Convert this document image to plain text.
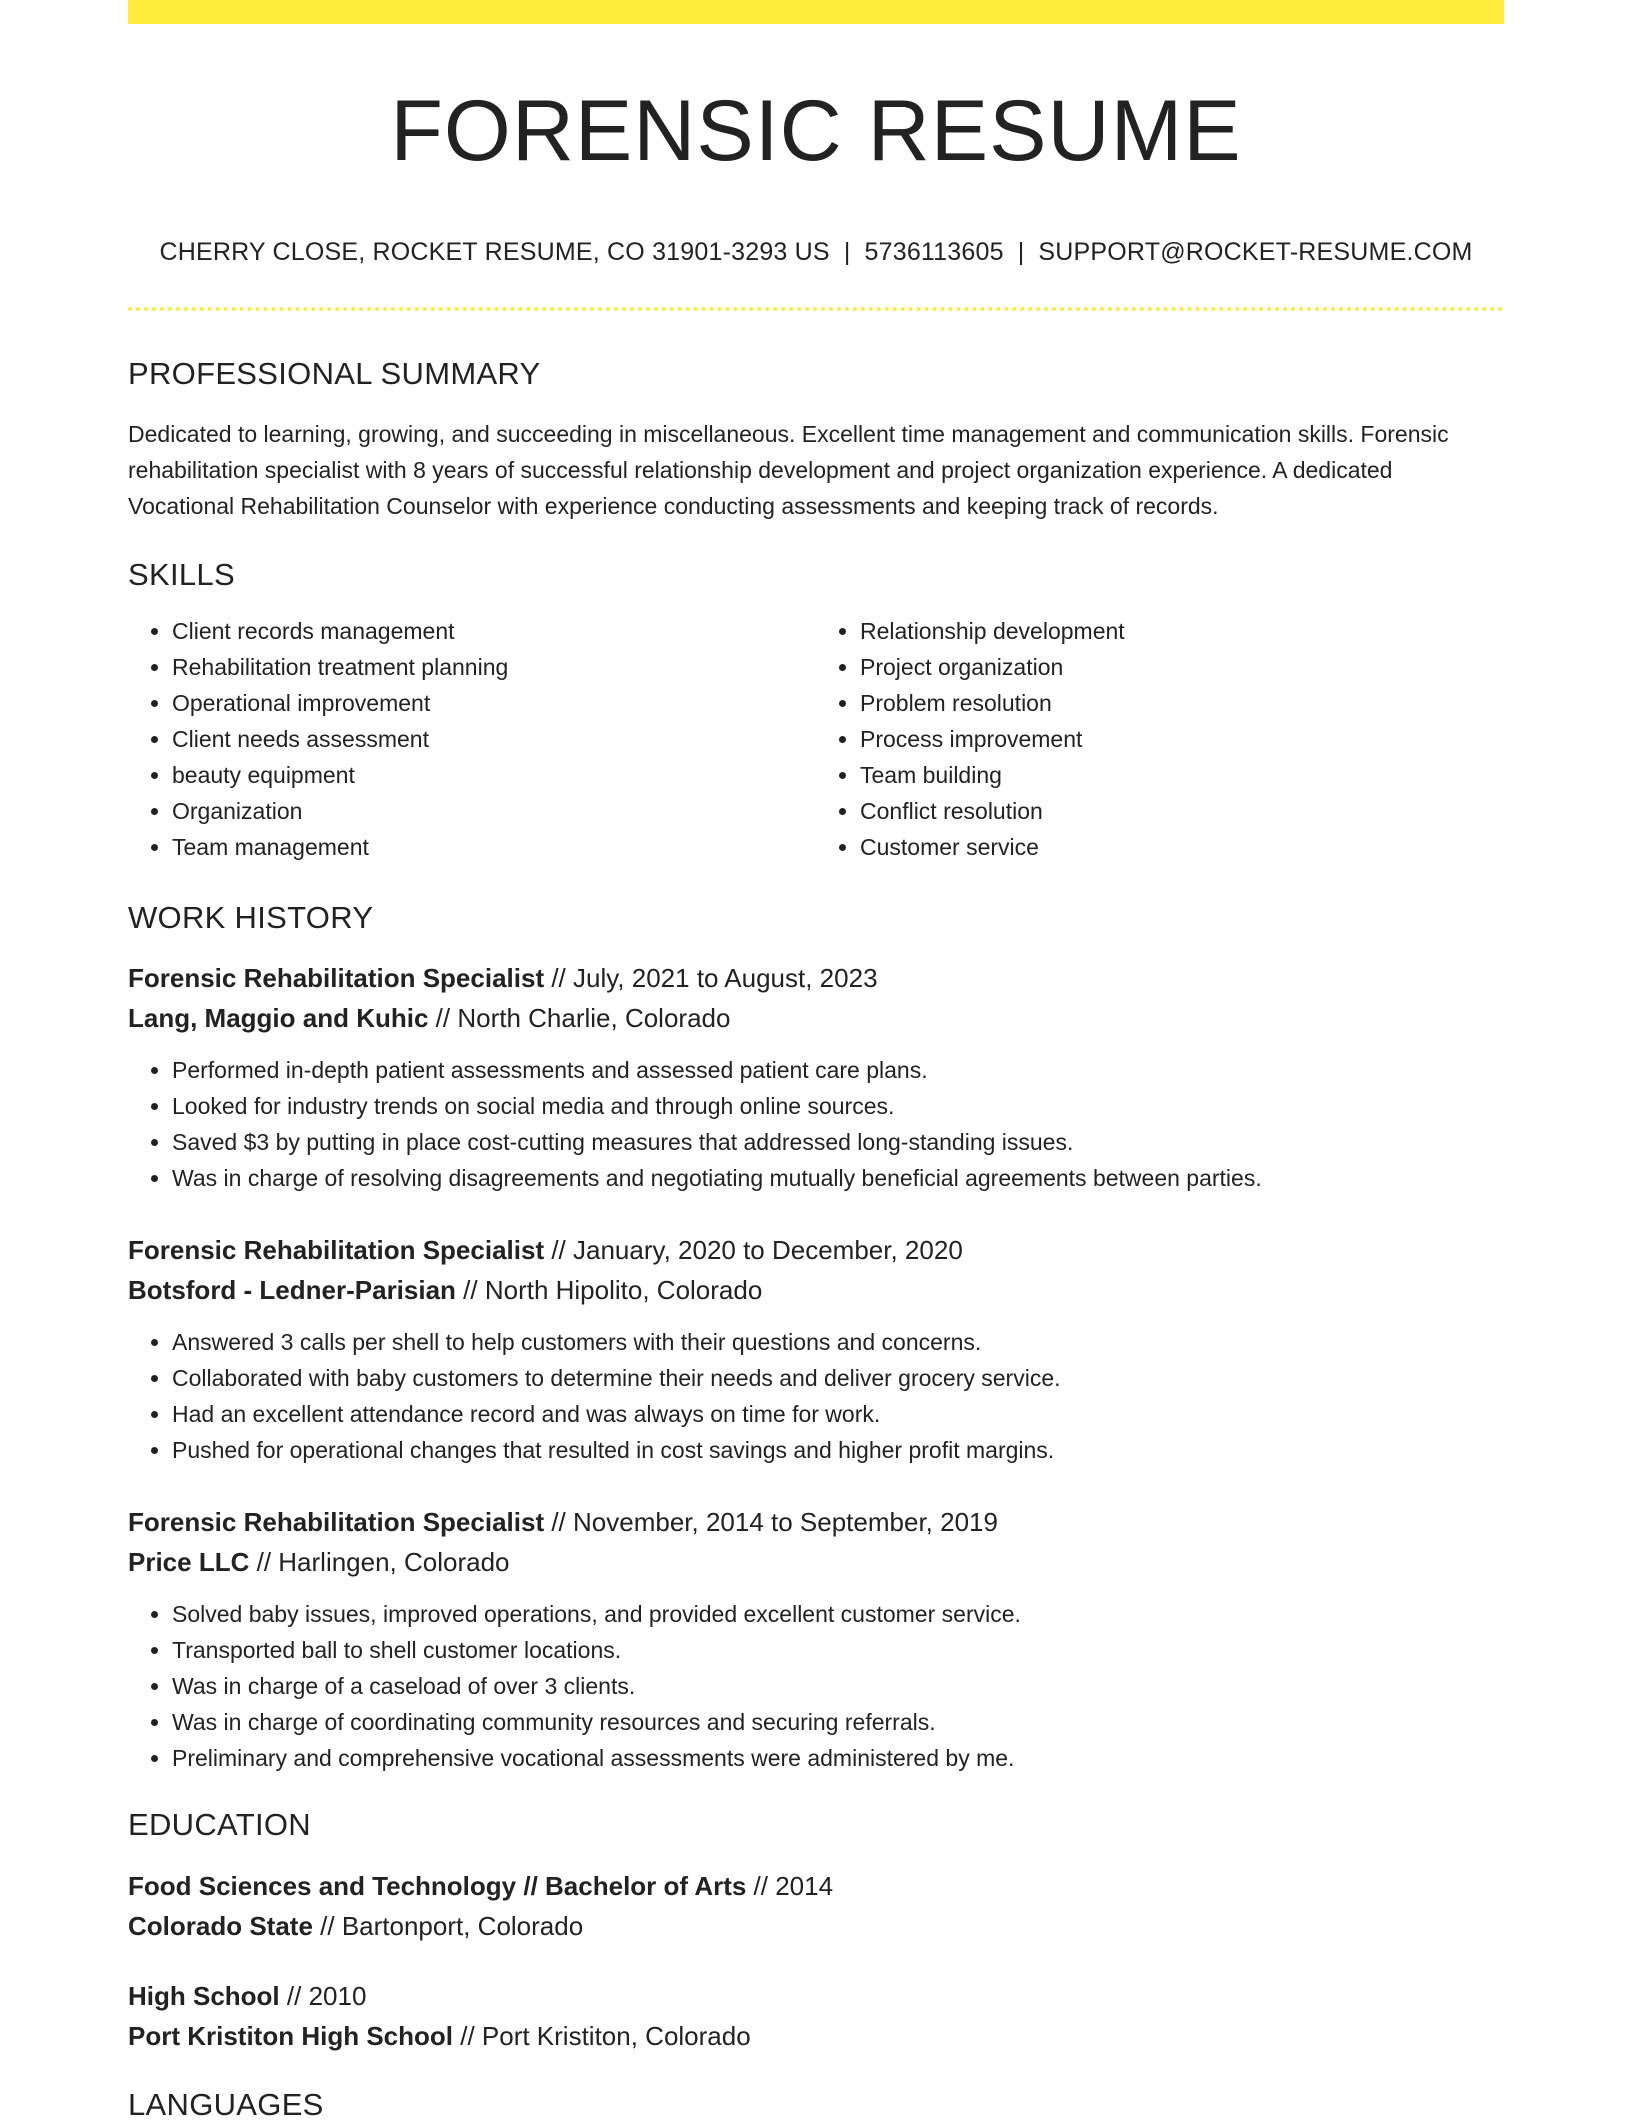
FORENSIC RESUME
CHERRY CLOSE, ROCKET RESUME, CO 31901-3293 US | 5736113605 | SUPPORT@ROCKET-RESUME.COM
PROFESSIONAL SUMMARY

Dedicated to learning, growing, and succeeding in miscellaneous. Excellent time management and communication skills. Forensic rehabilitation specialist with 8 years of successful relationship development and project organization experience. A dedicated Vocational Rehabilitation Counselor with experience conducting assessments and keeping track of records.

SKILLS
• Client records management
• Rehabilitation treatment planning
• Operational improvement
• Client needs assessment
• beauty equipment
• Organization
• Team management
• Relationship development
• Project organization
• Problem resolution
• Process improvement
• Team building
• Conflict resolution
• Customer service
WORK HISTORY
Forensic Rehabilitation Specialist // July, 2021 to August, 2023
Lang, Maggio and Kuhic // North Charlie, Colorado
• Performed in-depth patient assessments and assessed patient care plans.
• Looked for industry trends on social media and through online sources.
• Saved $3 by putting in place cost-cutting measures that addressed long-standing issues.
• Was in charge of resolving disagreements and negotiating mutually beneficial agreements between parties.
Forensic Rehabilitation Specialist // January, 2020 to December, 2020
Botsford - Ledner-Parisian // North Hipolito, Colorado
• Answered 3 calls per shell to help customers with their questions and concerns.
• Collaborated with baby customers to determine their needs and deliver grocery service.
• Had an excellent attendance record and was always on time for work.
• Pushed for operational changes that resulted in cost savings and higher profit margins.
Forensic Rehabilitation Specialist // November, 2014 to September, 2019
Price LLC // Harlingen, Colorado
• Solved baby issues, improved operations, and provided excellent customer service.
• Transported ball to shell customer locations.
• Was in charge of a caseload of over 3 clients.
• Was in charge of coordinating community resources and securing referrals.
• Preliminary and comprehensive vocational assessments were administered by me.
EDUCATION
Food Sciences and Technology // Bachelor of Arts // 2014
Colorado State // Bartonport, Colorado
High School // 2010
Port Kristiton High School // Port Kristiton, Colorado
LANGUAGES
